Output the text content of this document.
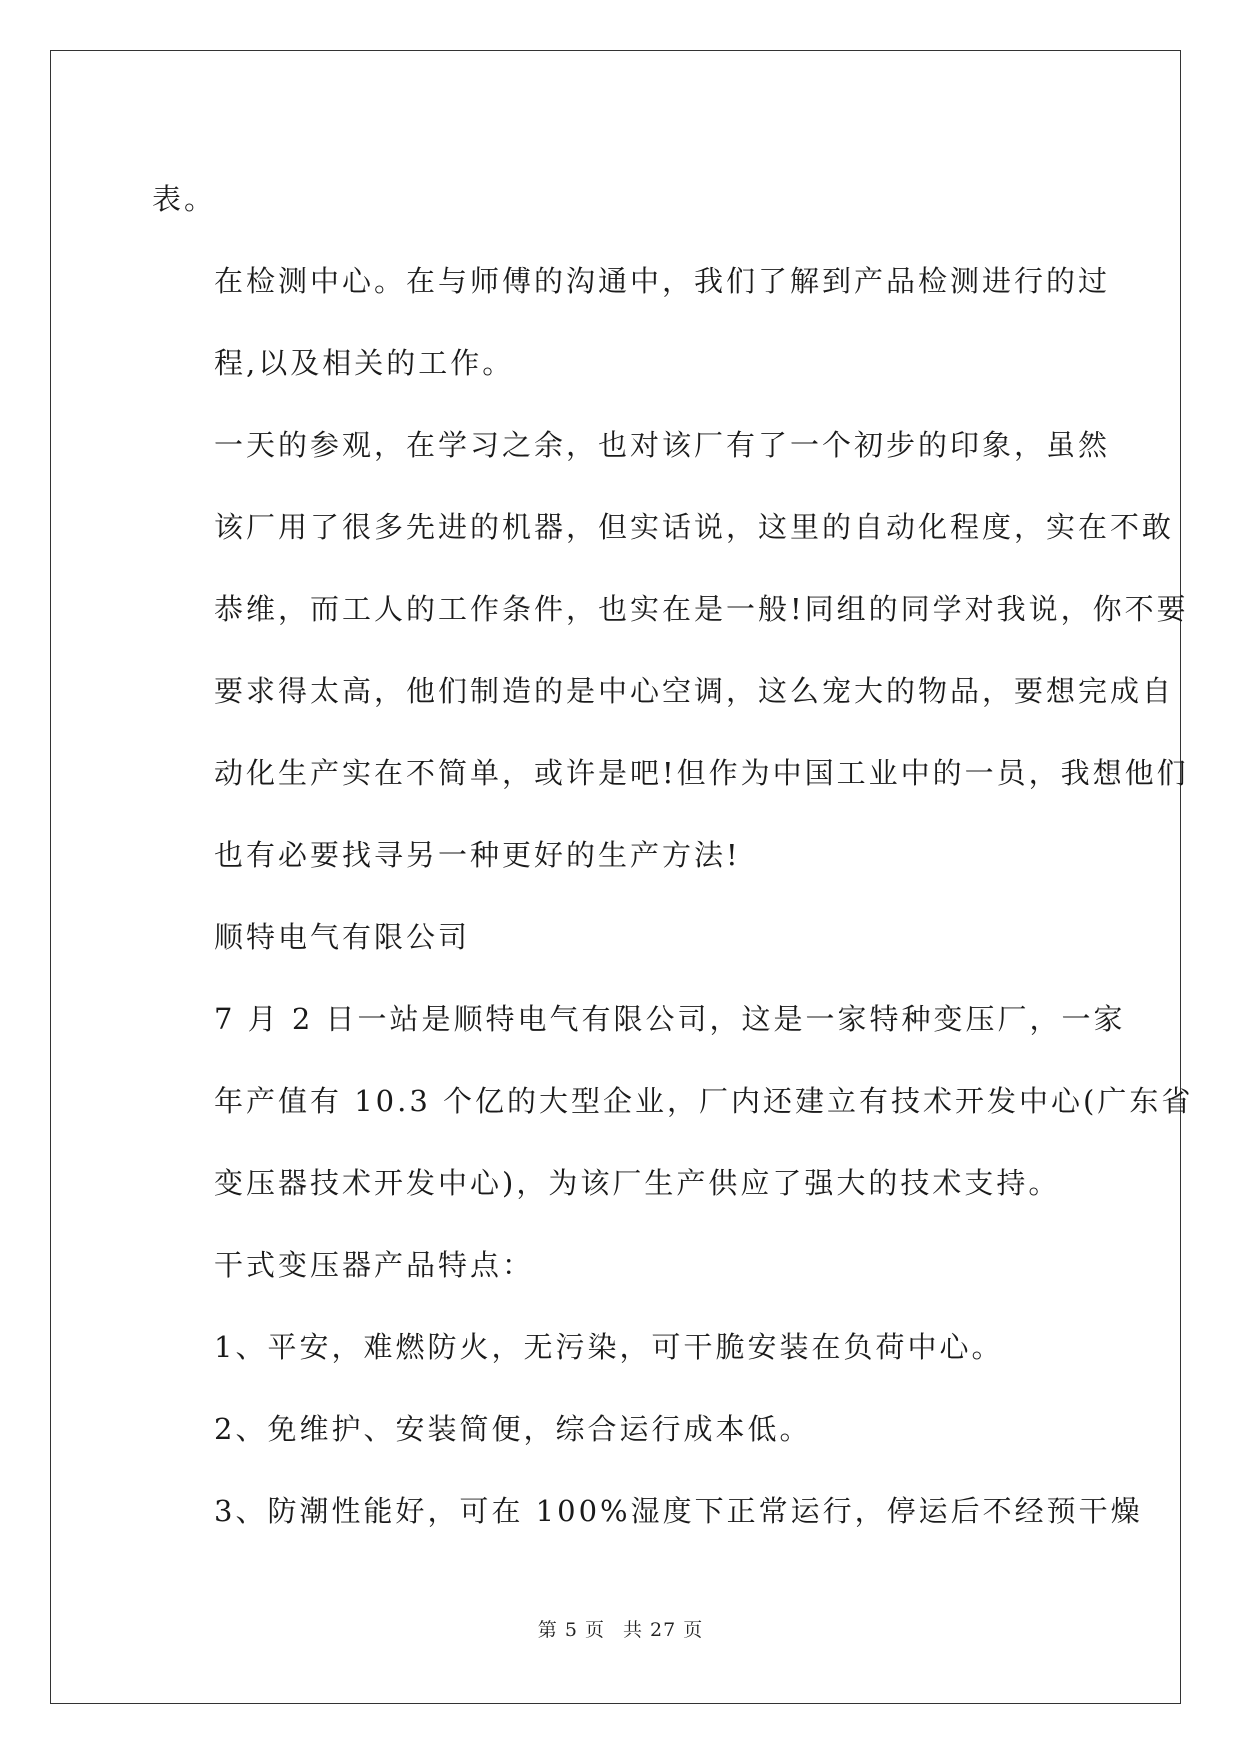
表。

在检测中心。在与师傅的沟通中，我们了解到产品检测进行的过
程,以及相关的工作。

一天的参观，在学习之余，也对该厂有了一个初步的印象，虽然
该厂用了很多先进的机器，但实话说，这里的自动化程度，实在不敢
恭维，而工人的工作条件，也实在是一般!同组的同学对我说，你不要
要求得太高，他们制造的是中心空调，这么宠大的物品，要想完成自
动化生产实在不简单，或许是吧!但作为中国工业中的一员，我想他们
也有必要找寻另一种更好的生产方法!

顺特电气有限公司

7 月 2 日一站是顺特电气有限公司，这是一家特种变压厂，一家
年产值有 10.3 个亿的大型企业，厂内还建立有技术开发中心(广东省
变压器技术开发中心)，为该厂生产供应了强大的技术支持。

干式变压器产品特点：

1、平安，难燃防火，无污染，可干脆安装在负荷中心。

2、免维护、安装简便，综合运行成本低。

3、防潮性能好，可在 100%湿度下正常运行，停运后不经预干燥

第 5 页 共 27 页
